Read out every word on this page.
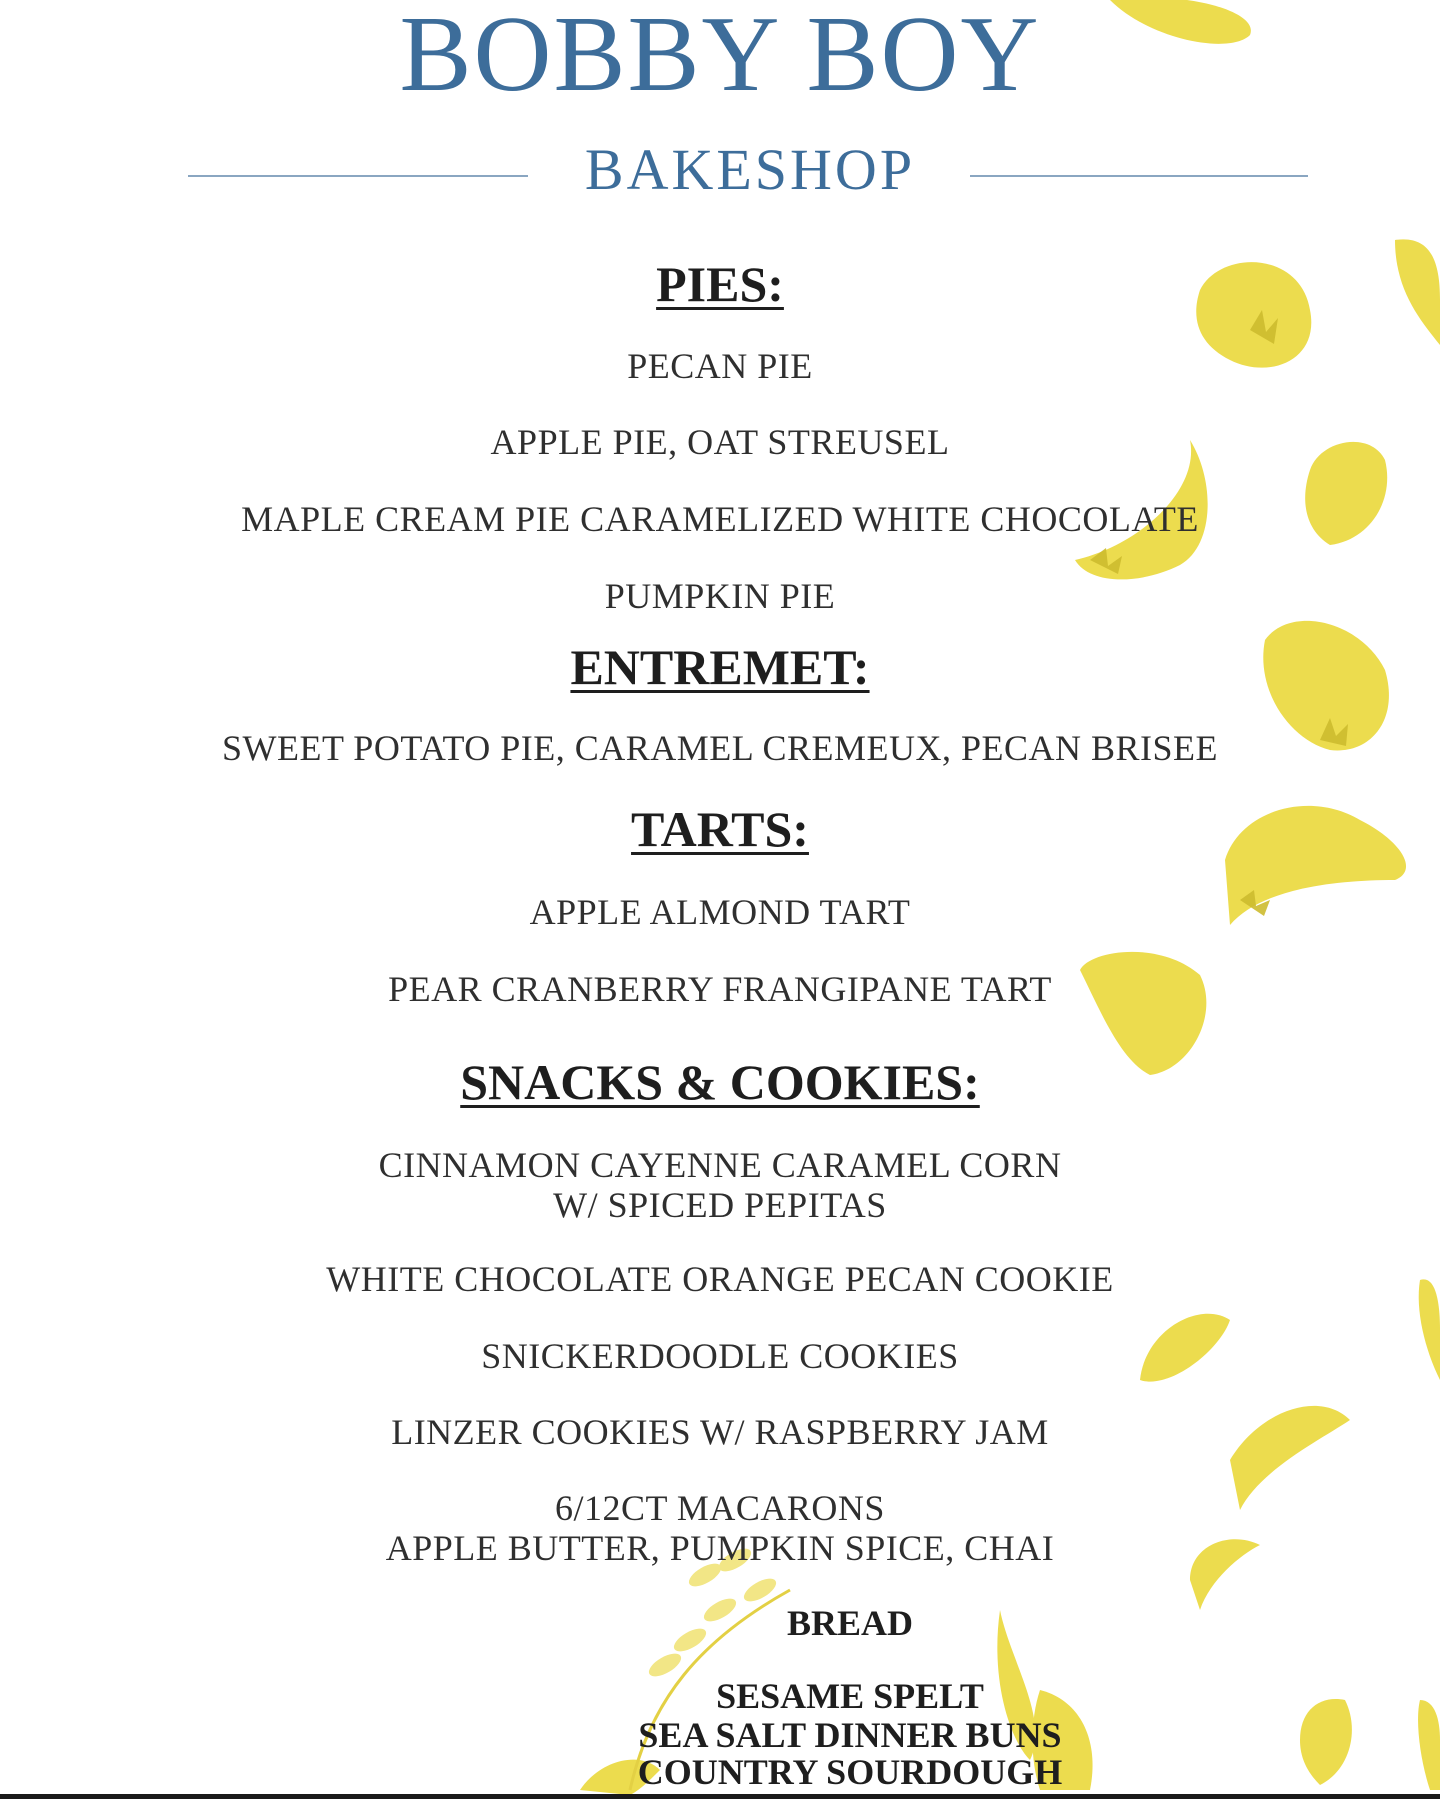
BOBBY BOY
BAKESHOP
PIES:
PECAN PIE
APPLE PIE, OAT STREUSEL
MAPLE CREAM PIE CARAMELIZED WHITE CHOCOLATE
PUMPKIN PIE
ENTREMET:
SWEET POTATO PIE, CARAMEL CREMEUX, PECAN BRISEE
TARTS:
APPLE ALMOND TART
PEAR CRANBERRY FRANGIPANE TART
SNACKS & COOKIES:
CINNAMON CAYENNE CARAMEL CORN
W/ SPICED PEPITAS
WHITE CHOCOLATE ORANGE PECAN COOKIE
SNICKERDOODLE COOKIES
LINZER COOKIES W/ RASPBERRY JAM
6/12CT MACARONS
APPLE BUTTER, PUMPKIN SPICE, CHAI
BREAD
SESAME SPELT
SEA SALT DINNER BUNS
COUNTRY SOURDOUGH
